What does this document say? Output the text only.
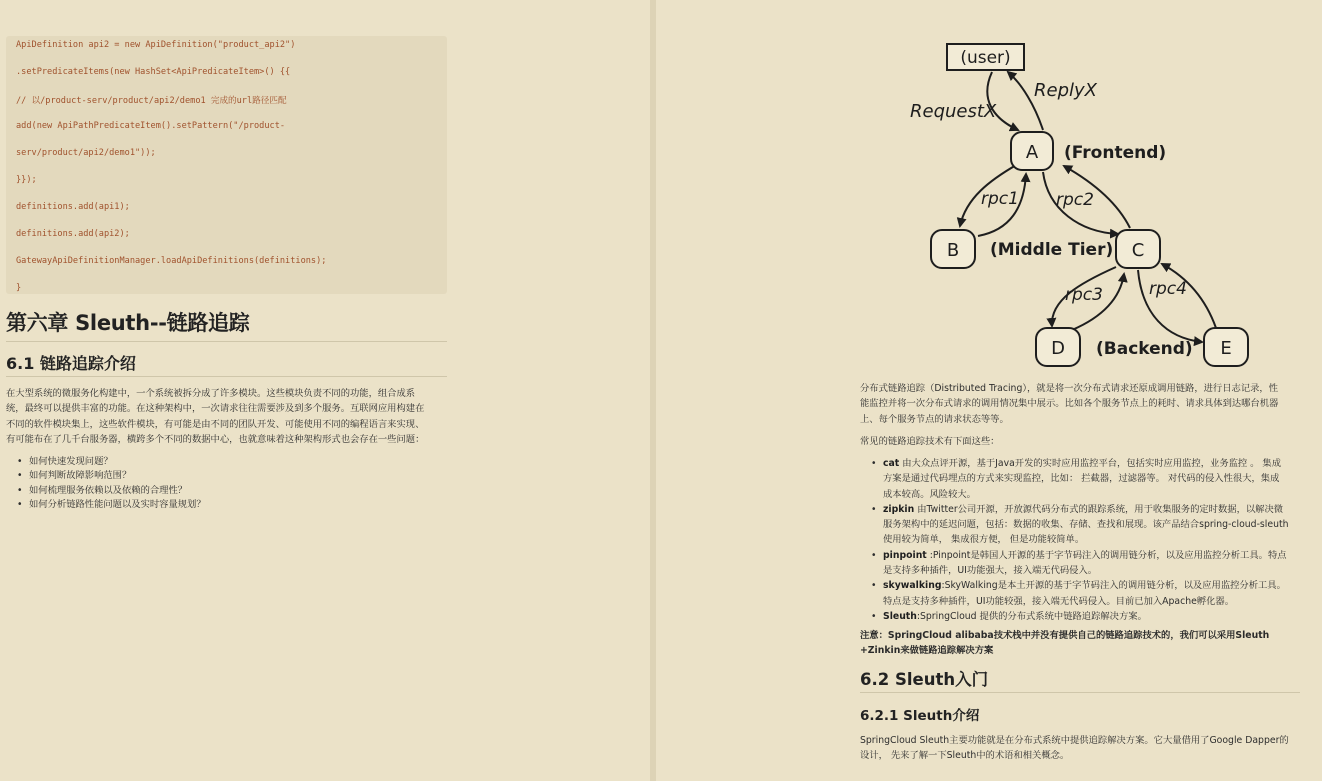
ApiDefinition api2 = new ApiDefinition("product_api2")
.setPredicateItems(new HashSet<ApiPredicateItem>() {{
// 以/product-serv/product/api2/demo1 完成的url路径匹配
add(new ApiPathPredicateItem().setPattern("/product-
serv/product/api2/demo1"));
}});
definitions.add(api1);
definitions.add(api2);
GatewayApiDefinitionManager.loadApiDefinitions(definitions);
}
第六章 Sleuth--链路追踪
6.1 链路追踪介绍
在大型系统的微服务化构建中，一个系统被拆分成了许多模块。这些模块负责不同的功能，组合成系
统，最终可以提供丰富的功能。在这种架构中，一次请求往往需要涉及到多个服务。互联网应用构建在
不同的软件模块集上，这些软件模块，有可能是由不同的团队开发、可能使用不同的编程语言来实现、
有可能布在了几千台服务器，横跨多个不同的数据中心，也就意味着这种架构形式也会存在一些问题：
• 如何快速发现问题？
• 如何判断故障影响范围？
• 如何梳理服务依赖以及依赖的合理性？
• 如何分析链路性能问题以及实时容量规划？
(user)
A (Frontend)
RequestX
ReplyX
rpc1 rpc2
rpc3	rpc4
B (Middle Tier) C
D (Backend) E
分布式链路追踪（Distributed Tracing），就是将一次分布式请求还原成调用链路，进行日志记录，性
能监控并将一次分布式请求的调用情况集中展示。比如各个服务节点上的耗时、请求具体到达哪台机器
上、每个服务节点的请求状态等等。
常见的链路追踪技术有下面这些：
• cat 由大众点评开源，基于Java开发的实时应用监控平台，包括实时应用监控，业务监控 。 集成
方案是通过代码埋点的方式来实现监控，比如： 拦截器，过滤器等。 对代码的侵入性很大，集成
成本较高。风险较大。
• zipkin 由Twitter公司开源，开放源代码分布式的跟踪系统，用于收集服务的定时数据，以解决微
服务架构中的延迟问题，包括：数据的收集、存储、查找和展现。该产品结合spring-cloud-sleuth
使用较为简单， 集成很方便， 但是功能较简单。
• pinpoint :Pinpoint是韩国人开源的基于字节码注入的调用链分析，以及应用监控分析工具。特点
是支持多种插件，UI功能强大，接入端无代码侵入。
• skywalking:SkyWalking是本土开源的基于字节码注入的调用链分析，以及应用监控分析工具。
特点是支持多种插件，UI功能较强，接入端无代码侵入。目前已加入Apache孵化器。
• Sleuth:SpringCloud 提供的分布式系统中链路追踪解决方案。
注意：SpringCloud alibaba技术栈中并没有提供自己的链路追踪技术的，我们可以采用Sleuth
+Zinkin来做链路追踪解决方案
6.2 Sleuth入门
6.2.1 Sleuth介绍
SpringCloud Sleuth主要功能就是在分布式系统中提供追踪解决方案。它大量借用了Google Dapper的
设计， 先来了解一下Sleuth中的术语和相关概念。
